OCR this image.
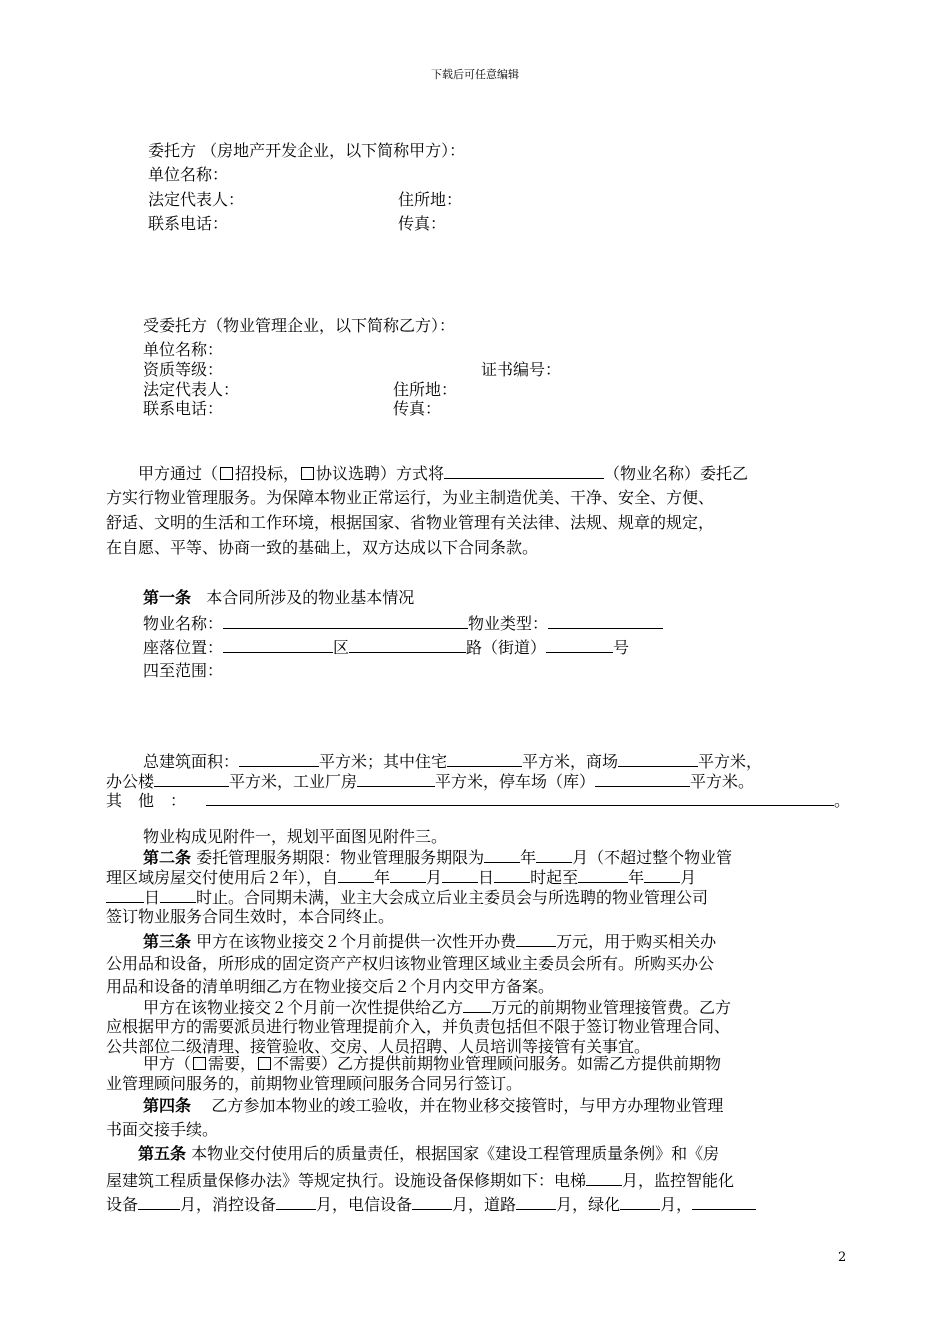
下载后可任意编辑
委托方 （房地产开发企业，以下简称甲方）：
单位名称：
法定代表人：	住所地：
联系电话：	传真：
受委托方（物业管理企业，以下简称乙方）：
单位名称：
资质等级：	证书编号：
法定代表人：	住所地：
联系电话：	传真：
甲方通过（ 招投标， 协议选聘）方式将	（物业名称）委托乙
方实行物业管理服务。为保障本物业正常运行，为业主制造优美、干净、安全、方便、
舒适、文明的生活和工作环境，根据国家、省物业管理有关法律、法规、规章的规定，
在自愿、平等、协商一致的基础上，双方达成以下合同条款。
第一条 本合同所涉及的物业基本情况
物业名称：	物业类型：
座落位置：	区	路（街道）	号
四至范围：
总建筑面积：	平方米；其中住宅	平方米，商场	平方米，
办公楼	平方米，工业厂房	平方米，停车场（库）	平方米。
其　他　：	。
物业构成见附件一，规划平面图见附件三。
第二条 委托管理服务期限：物业管理服务期限为 年 月（不超过整个物业管
理区域房屋交付使用后２年），自 年 月 日 时起至	年 月
日 时止。合同期未满，业主大会成立后业主委员会与所选聘的物业管理公司
签订物业服务合同生效时，本合同终止。
第三条 甲方在该物业接交２个月前提供一次性开办费	万元，用于购买相关办
公用品和设备，所形成的固定资产产权归该物业管理区域业主委员会所有。所购买办公
用品和设备的清单明细乙方在物业接交后２个月内交甲方备案。
甲方在该物业接交２个月前一次性提供给乙方 万元的前期物业管理接管费。乙方
应根据甲方的需要派员进行物业管理提前介入，并负责包括但不限于签订物业管理合同、
公共部位二级清理、接管验收、交房、人员招聘、人员培训等接管有关事宜。
甲方（ 需要， 不需要）乙方提供前期物业管理顾问服务。如需乙方提供前期物
业管理顾问服务的，前期物业管理顾问服务合同另行签订。
第四条 乙方参加本物业的竣工验收，并在物业移交接管时，与甲方办理物业管理
书面交接手续。
第五条 本物业交付使用后的质量责任，根据国家《建设工程管理质量条例》和《房
屋建筑工程质量保修办法》等规定执行。设施设备保修期如下：电梯 月，监控智能化
设备	月，消控设备	月，电信设备	月，道路	月，绿化	月，
2
